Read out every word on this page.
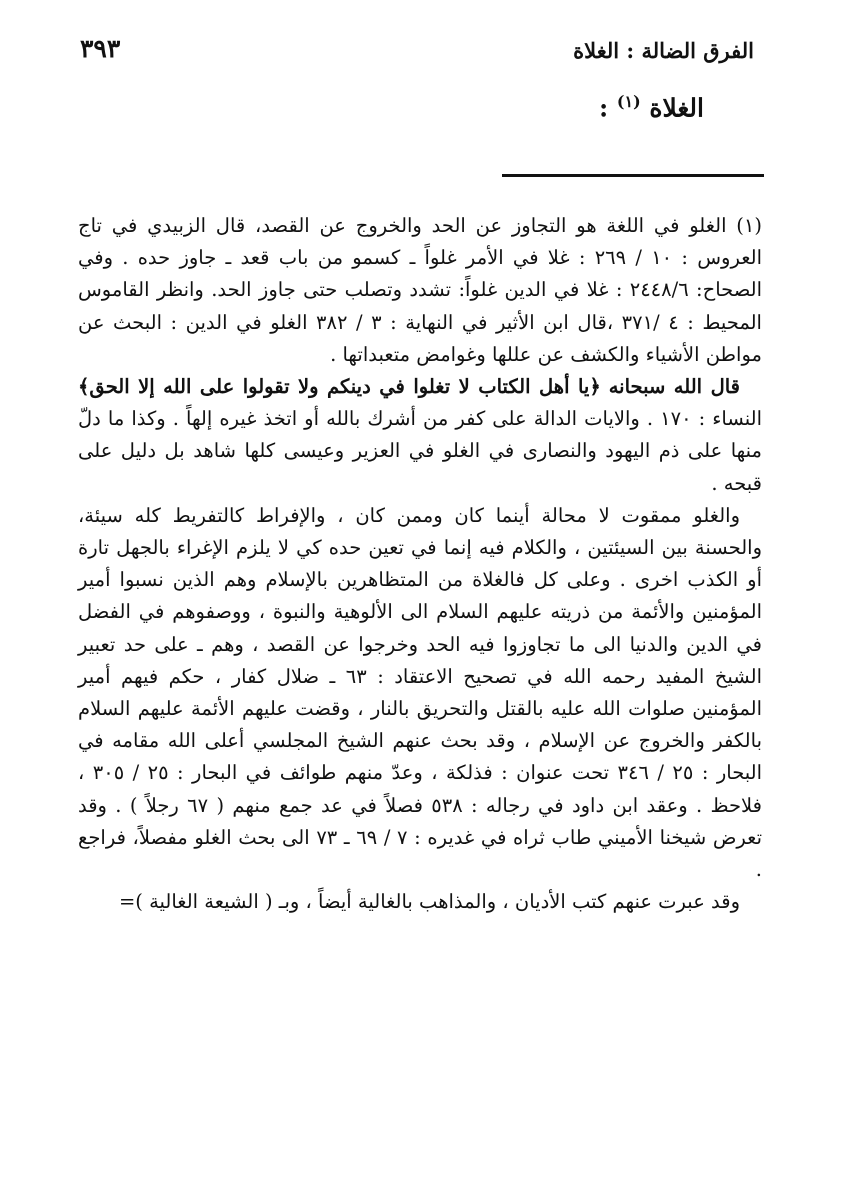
٣٩٣	الفرق الضالة : الغلاة
الغلاة $^{(١)}$ :

(١) الغلو في اللغة هو التجاوز عن الحد والخروج عن القصد، قال الزبيدي في تاج العروس : ١٠ / ٢٦٩ : غلا في الأمر غلواً ـ كسمو من باب قعد ـ جاوز حده . وفي الصحاح: ٢٤٤٨/٦ : غلا في الدين غلواً: تشدد وتصلب حتى جاوز الحد. وانظر القاموس المحيط : ٤ /٣٧١ ،قال ابن الأثير في النهاية : ٣ / ٣٨٢ الغلو في الدين : البحث عن مواطن الأشياء والكشف عن عللها وغوامض متعبداتها .

قال الله سبحانه ﴿يا أهل الكتاب لا تغلوا في دينكم ولا تقولوا على الله إلا الحق﴾ النساء : ١٧٠ . والايات الدالة على كفر من أشرك بالله أو اتخذ غيره إلهاً . وكذا ما دلّ منها على ذم اليهود والنصارى في الغلو في العزير وعيسى كلها شاهد بل دليل على قبحه .

والغلو ممقوت لا محالة أينما كان وممن كان ، والإفراط كالتفريط كله سيئة، والحسنة بين السيئتين ، والكلام فيه إنما في تعين حده كي لا يلزم الإغراء بالجهل تارة أو الكذب اخرى . وعلى كل فالغلاة من المتظاهرين بالإسلام وهم الذين نسبوا أمير المؤمنين والأئمة من ذريته عليهم السلام الى الألوهية والنبوة ، ووصفوهم في الفضل في الدين والدنيا الى ما تجاوزوا فيه الحد وخرجوا عن القصد ، وهم ـ على حد تعبير الشيخ المفيد رحمه الله في تصحيح الاعتقاد : ٦٣ ـ ضلال كفار ، حكم فيهم أمير المؤمنين صلوات الله عليه بالقتل والتحريق بالنار ، وقضت عليهم الأئمة عليهم السلام بالكفر والخروج عن الإسلام ، وقد بحث عنهم الشيخ المجلسي أعلى الله مقامه في البحار : ٢٥ / ٣٤٦ تحت عنوان : فذلكة ، وعدّ منهم طوائف في البحار : ٢٥ / ٣٠٥ ، فلاحظ . وعقد ابن داود في رجاله : ٥٣٨ فصلاً في عد جمع منهم ( ٦٧ رجلاً ) . وقد تعرض شيخنا الأميني طاب ثراه في غديره : ٧ / ٦٩ ـ ٧٣ الى بحث الغلو مفصلاً، فراجع .

وقد عبرت عنهم كتب الأديان ، والمذاهب بالغالية أيضاً ، وبـ ( الشيعة الغالية )=
